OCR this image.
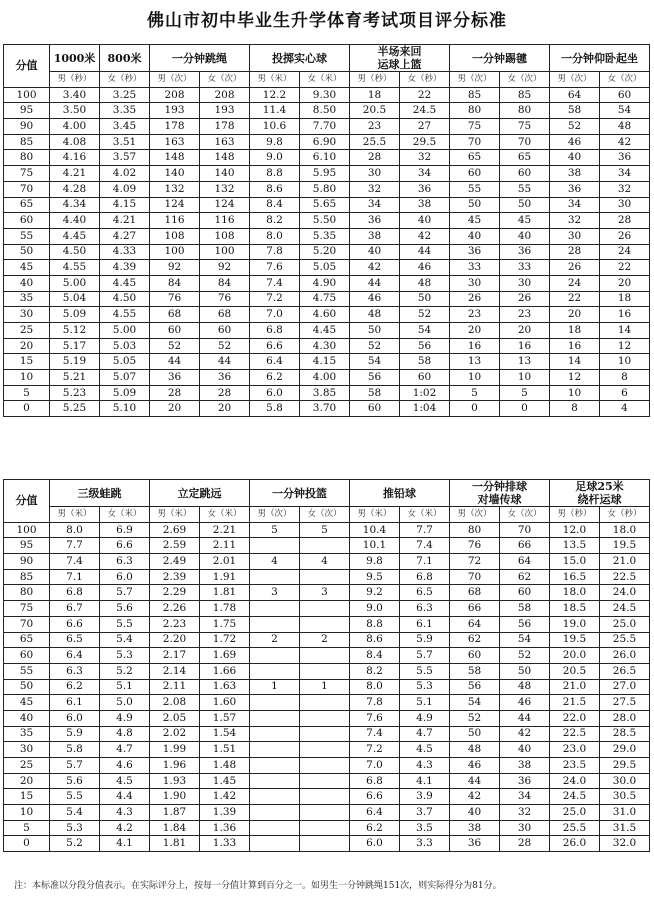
佛山市初中毕业生升学体育考试项目评分标准
分值	1000米	800米	一分钟跳绳		投掷实心球		半场来回
运球上篮		一分钟踢毽		一分钟仰卧起坐	
	男（秒）	女（秒）	男（次）	女（次）	男（米）	女（米）	男（秒）	女（秒）	男（次）	女（次）	男（次）	女（次）
100	3.40	3.25	208	208	12.2	9.30	18	22	85	85	64	60
95	3.50	3.35	193	193	11.4	8.50	20.5	24.5	80	80	58	54
90	4.00	3.45	178	178	10.6	7.70	23	27	75	75	52	48
85	4.08	3.51	163	163	9.8	6.90	25.5	29.5	70	70	46	42
80	4.16	3.57	148	148	9.0	6.10	28	32	65	65	40	36
75	4.21	4.02	140	140	8.8	5.95	30	34	60	60	38	34
70	4.28	4.09	132	132	8.6	5.80	32	36	55	55	36	32
65	4.34	4.15	124	124	8.4	5.65	34	38	50	50	34	30
60	4.40	4.21	116	116	8.2	5.50	36	40	45	45	32	28
55	4.45	4.27	108	108	8.0	5.35	38	42	40	40	30	26
50	4.50	4.33	100	100	7.8	5.20	40	44	36	36	28	24
45	4.55	4.39	92	92	7.6	5.05	42	46	33	33	26	22
40	5.00	4.45	84	84	7.4	4.90	44	48	30	30	24	20
35	5.04	4.50	76	76	7.2	4.75	46	50	26	26	22	18
30	5.09	4.55	68	68	7.0	4.60	48	52	23	23	20	16
25	5.12	5.00	60	60	6.8	4.45	50	54	20	20	18	14
20	5.17	5.03	52	52	6.6	4.30	52	56	16	16	16	12
15	5.19	5.05	44	44	6.4	4.15	54	58	13	13	14	10
10	5.21	5.07	36	36	6.2	4.00	56	60	10	10	12	8
5	5.23	5.09	28	28	6.0	3.85	58	1:02	5	5	10	6
0	5.25	5.10	20	20	5.8	3.70	60	1:04	0	0	8	4
分值	三级蛙跳		立定跳远		一分钟投篮		推铅球		一分钟排球
对墙传球		足球25米
绕杆运球	
	男（米）	女（米）	男（米）	女（米）	男（次）	女（次）	男（米）	女（米）	男（次）	女（次）	男（秒）	女（秒）
100	8.0	6.9	2.69	2.21	5	5	10.4	7.7	80	70	12.0	18.0
95	7.7	6.6	2.59	2.11			10.1	7.4	76	66	13.5	19.5
90	7.4	6.3	2.49	2.01	4	4	9.8	7.1	72	64	15.0	21.0
85	7.1	6.0	2.39	1.91			9.5	6.8	70	62	16.5	22.5
80	6.8	5.7	2.29	1.81	3	3	9.2	6.5	68	60	18.0	24.0
75	6.7	5.6	2.26	1.78			9.0	6.3	66	58	18.5	24.5
70	6.6	5.5	2.23	1.75			8.8	6.1	64	56	19.0	25.0
65	6.5	5.4	2.20	1.72	2	2	8.6	5.9	62	54	19.5	25.5
60	6.4	5.3	2.17	1.69			8.4	5.7	60	52	20.0	26.0
55	6.3	5.2	2.14	1.66			8.2	5.5	58	50	20.5	26.5
50	6.2	5.1	2.11	1.63	1	1	8.0	5.3	56	48	21.0	27.0
45	6.1	5.0	2.08	1.60			7.8	5.1	54	46	21.5	27.5
40	6.0	4.9	2.05	1.57			7.6	4.9	52	44	22.0	28.0
35	5.9	4.8	2.02	1.54			7.4	4.7	50	42	22.5	28.5
30	5.8	4.7	1.99	1.51			7.2	4.5	48	40	23.0	29.0
25	5.7	4.6	1.96	1.48			7.0	4.3	46	38	23.5	29.5
20	5.6	4.5	1.93	1.45			6.8	4.1	44	36	24.0	30.0
15	5.5	4.4	1.90	1.42			6.6	3.9	42	34	24.5	30.5
10	5.4	4.3	1.87	1.39			6.4	3.7	40	32	25.0	31.0
5	5.3	4.2	1.84	1.36			6.2	3.5	38	30	25.5	31.5
0	5.2	4.1	1.81	1.33			6.0	3.3	36	28	26.0	32.0
注：本标准以分段分值表示。在实际评分上，按每一分值计算到百分之一。如男生一分钟跳绳151次，则实际得分为81分。
